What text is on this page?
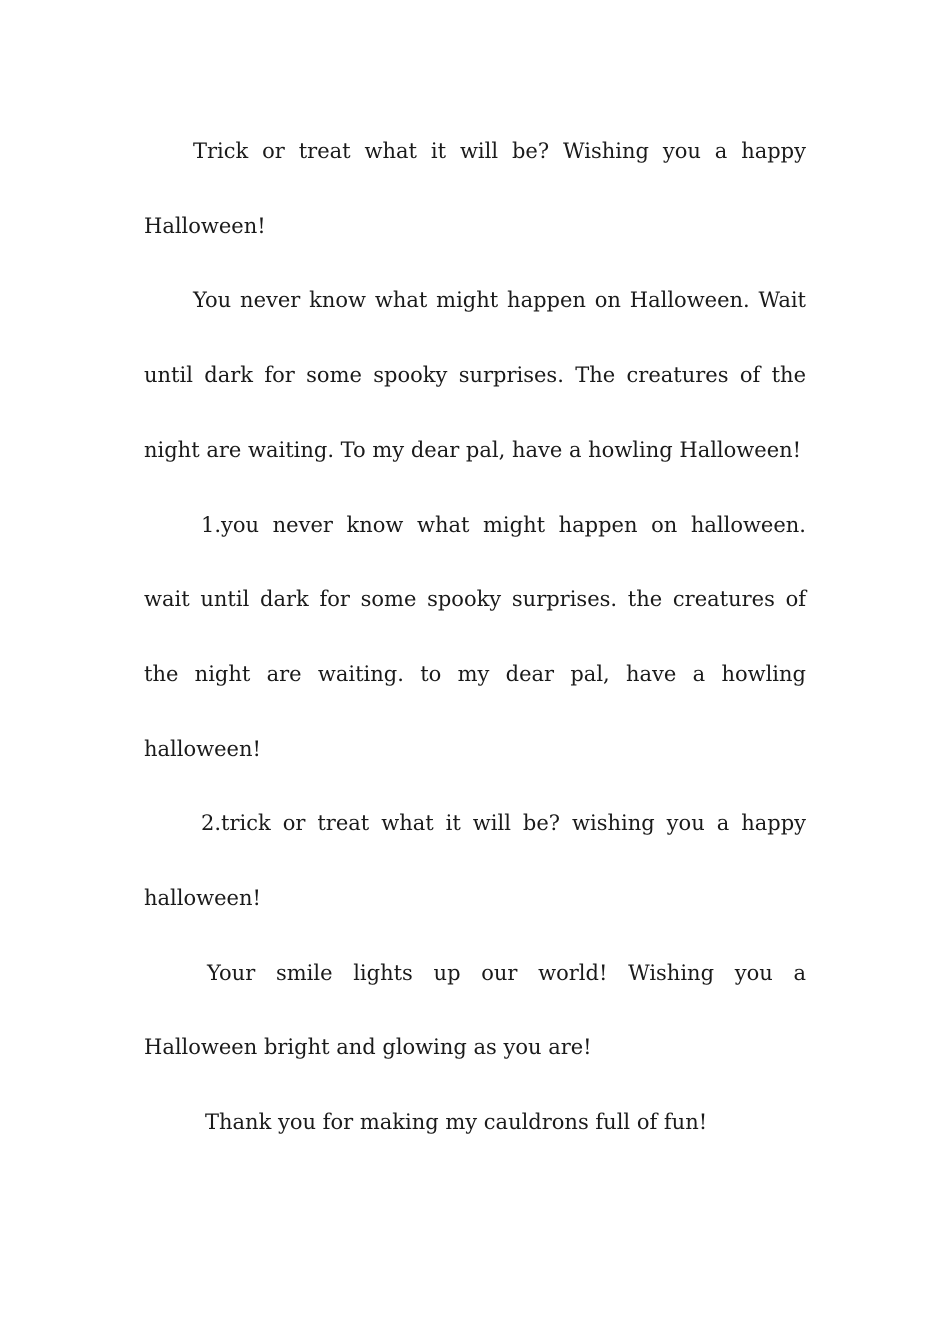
Trick or treat what it will be? Wishing you a happy Halloween!

You never know what might happen on Halloween. Wait until dark for some spooky surprises. The creatures of the night are waiting. To my dear pal, have a howling Halloween!

1.you never know what might happen on halloween. wait until dark for some spooky surprises. the creatures of the night are waiting. to my dear pal, have a howling halloween!

2.trick or treat what it will be? wishing you a happy halloween!

Your smile lights up our world! Wishing you a Halloween bright and glowing as you are!

Thank you for making my cauldrons full of fun!
